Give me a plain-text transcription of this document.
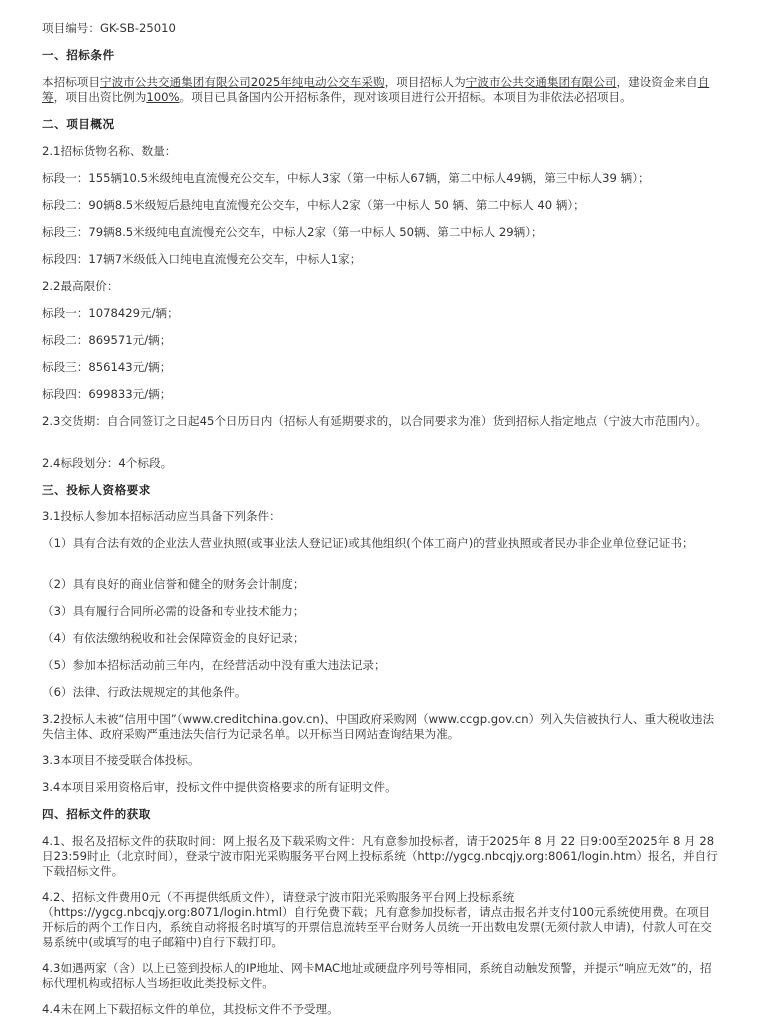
项目编号：GK-SB-25010

一、招标条件

本招标项目宁波市公共交通集团有限公司2025年纯电动公交车采购，项目招标人为宁波市公共交通集团有限公司，建设资金来自自筹，项目出资比例为100%。项目已具备国内公开招标条件，现对该项目进行公开招标。本项目为非依法必招项目。

二、项目概况

2.1招标货物名称、数量：

标段一：155辆10.5米级纯电直流慢充公交车，中标人3家（第一中标人67辆，第二中标人49辆，第三中标人39 辆）；

标段二：90辆8.5米级短后悬纯电直流慢充公交车，中标人2家（第一中标人 50 辆、第二中标人 40 辆）；

标段三：79辆8.5米级纯电直流慢充公交车，中标人2家（第一中标人 50辆、第二中标人 29辆）；

标段四：17辆7米级低入口纯电直流慢充公交车，中标人1家；

2.2最高限价：

标段一：1078429元/辆；

标段二：869571元/辆；

标段三：856143元/辆；

标段四：699833元/辆；

2.3交货期：自合同签订之日起45个日历日内（招标人有延期要求的，以合同要求为准）货到招标人指定地点（宁波大市范围内）。

2.4标段划分：4个标段。

三、投标人资格要求

3.1投标人参加本招标活动应当具备下列条件：

（1）具有合法有效的企业法人营业执照(或事业法人登记证)或其他组织(个体工商户)的营业执照或者民办非企业单位登记证书；

（2）具有良好的商业信誉和健全的财务会计制度；

（3）具有履行合同所必需的设备和专业技术能力；

（4）有依法缴纳税收和社会保障资金的良好记录；

（5）参加本招标活动前三年内，在经营活动中没有重大违法记录；

（6）法律、行政法规规定的其他条件。

3.2投标人未被“信用中国”（www.creditchina.gov.cn)、中国政府采购网（www.ccgp.gov.cn）列入失信被执行人、重大税收违法失信主体、政府采购严重违法失信行为记录名单。以开标当日网站查询结果为准。

3.3本项目不接受联合体投标。

3.4本项目采用资格后审，投标文件中提供资格要求的所有证明文件。

四、招标文件的获取

4.1、报名及招标文件的获取时间：网上报名及下载采购文件：凡有意参加投标者，请于2025年 8 月 22 日9:00至2025年 8 月 28 日23:59时止（北京时间），登录宁波市阳光采购服务平台网上投标系统（http://ygcg.nbcqjy.org:8061/login.htm）报名，并自行下载招标文件。

4.2、招标文件费用0元（不再提供纸质文件），请登录宁波市阳光采购服务平台网上投标系统（https://ygcg.nbcqjy.org:8071/login.html）自行免费下载；凡有意参加投标者，请点击报名并支付100元系统使用费。在项目开标后的两个工作日内，系统自动将报名时填写的开票信息流转至平台财务人员统一开出数电发票(无须付款人申请)，付款人可在交易系统中(或填写的电子邮箱中)自行下载打印。

4.3如遇两家（含）以上已签到投标人的IP地址、网卡MAC地址或硬盘序列号等相同，系统自动触发预警，并提示“响应无效”的，招标代理机构或招标人当场拒收此类投标文件。

4.4未在网上下载招标文件的单位，其投标文件不予受理。
